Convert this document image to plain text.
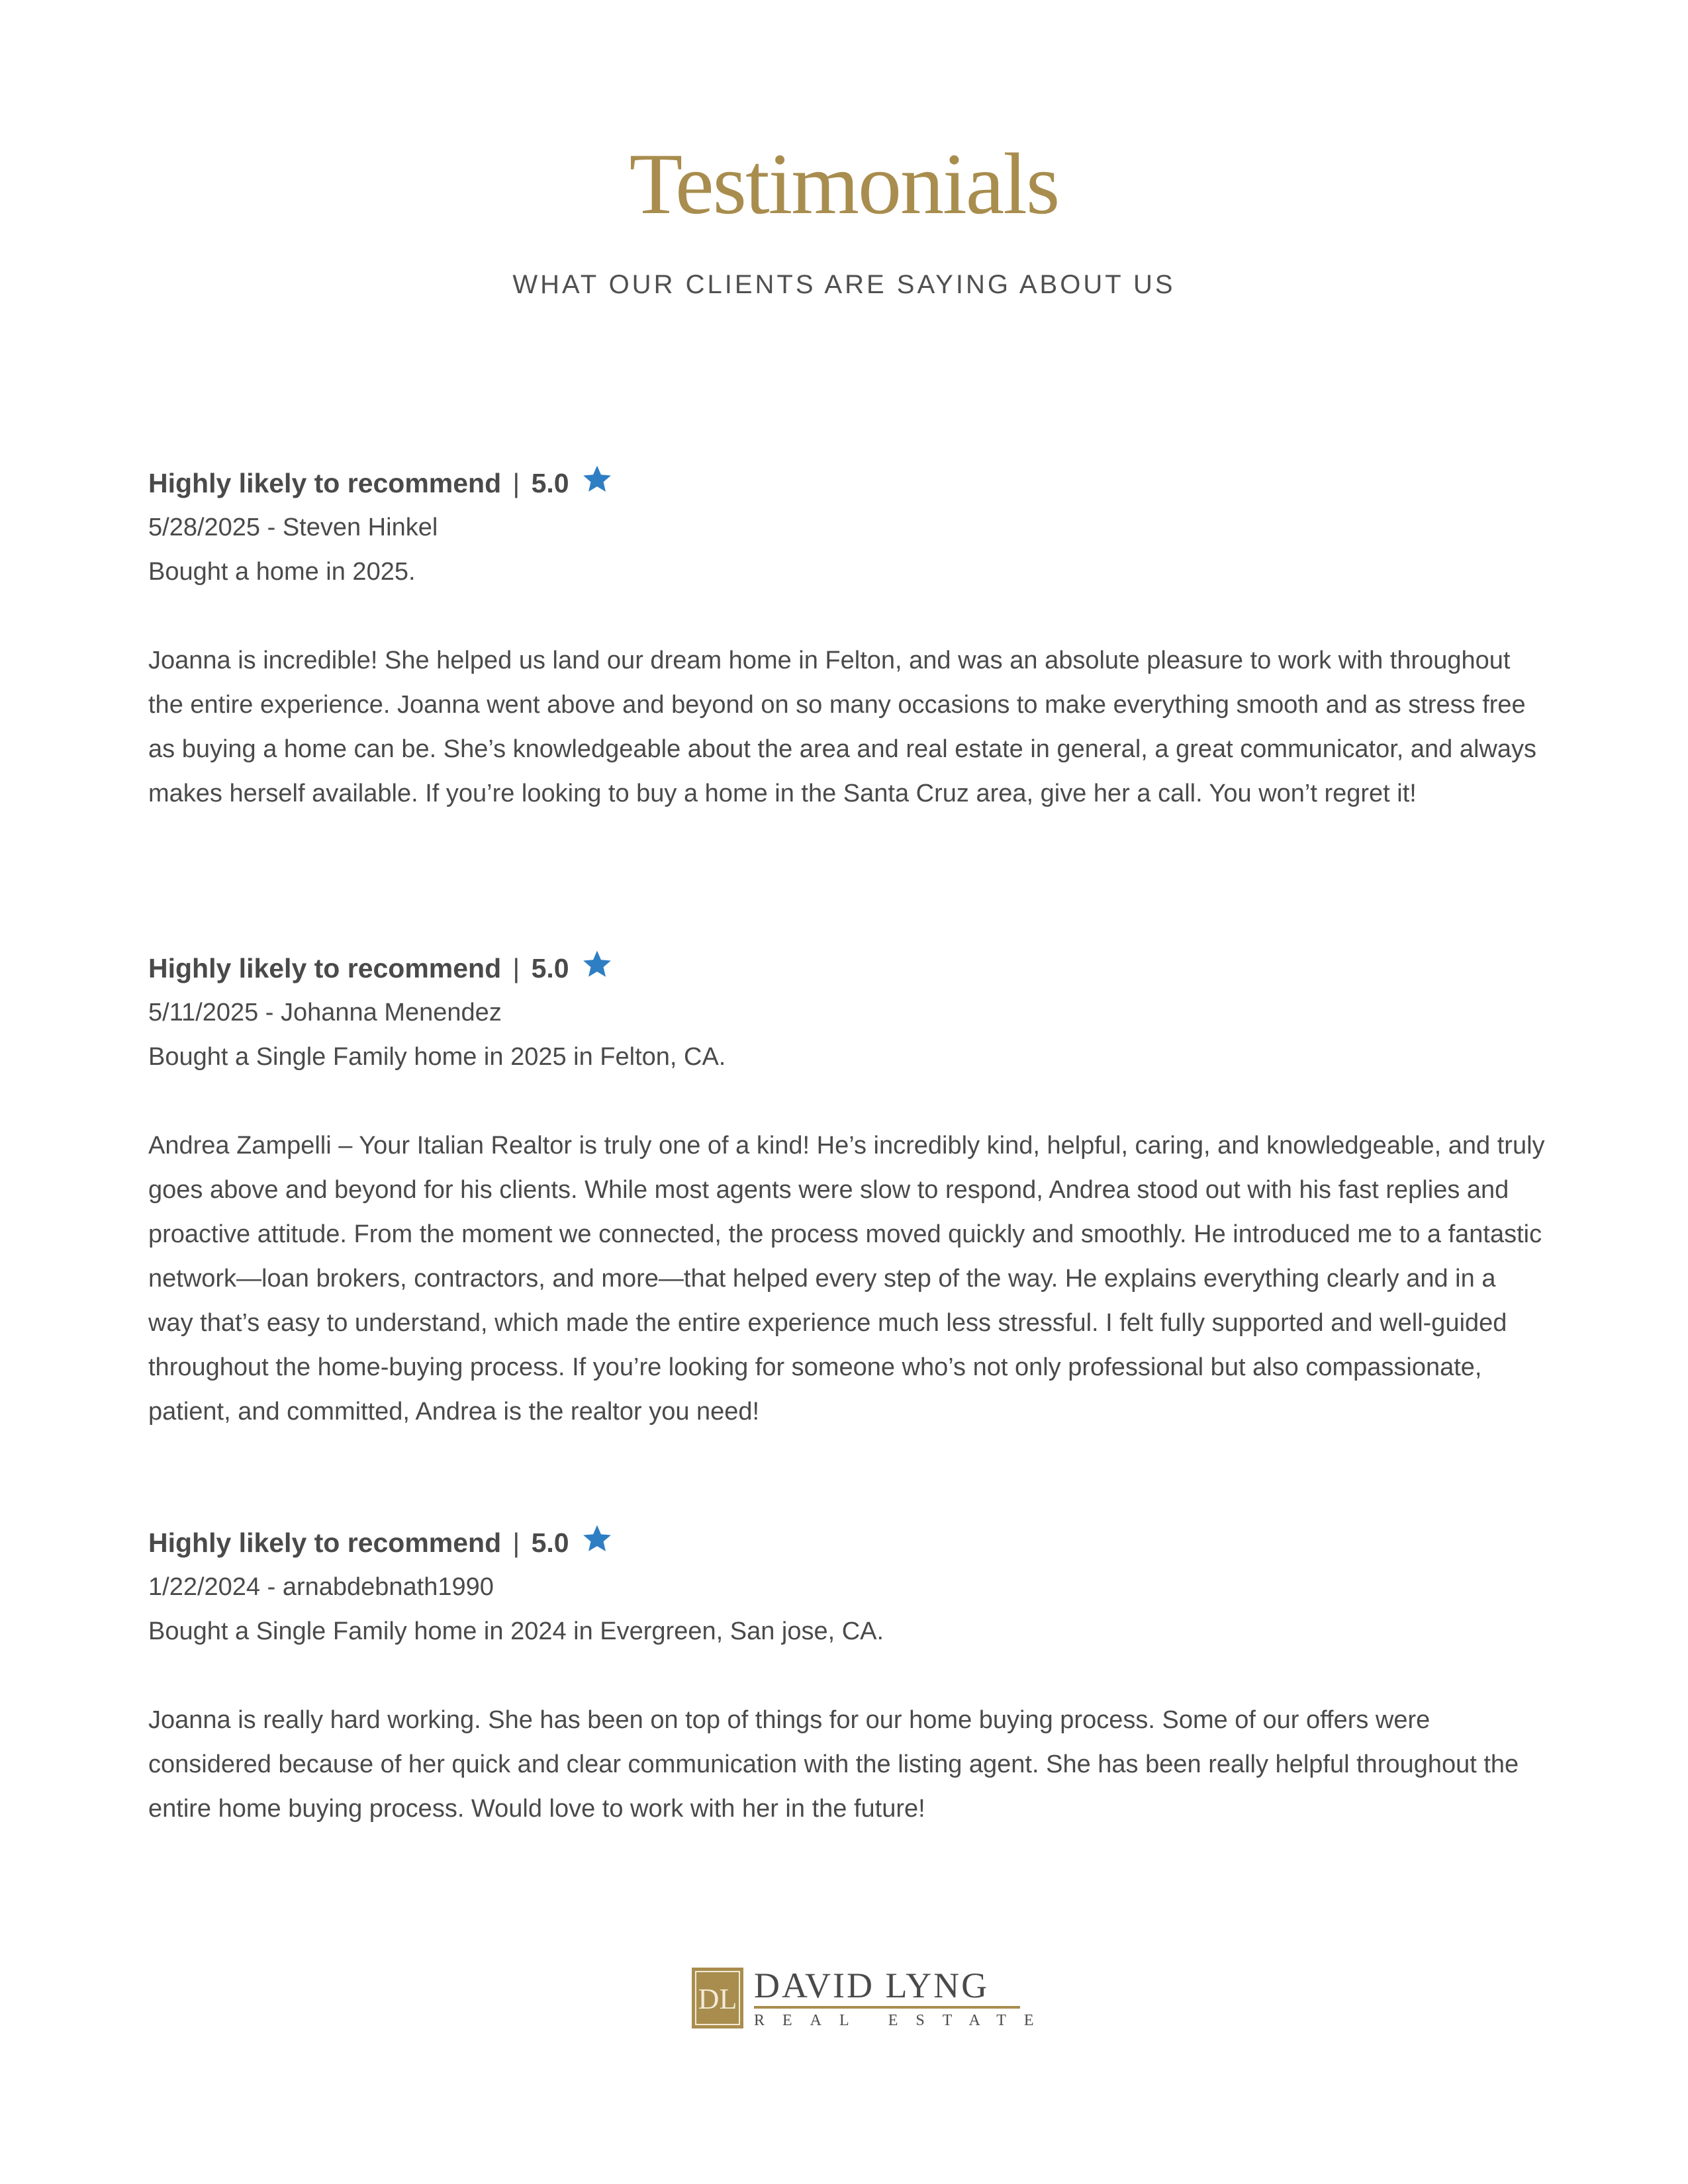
Testimonials
WHAT OUR CLIENTS ARE SAYING ABOUT US
Highly likely to recommend | 5.0
5/28/2025 - Steven Hinkel
Bought a home in 2025.
Joanna is incredible! She helped us land our dream home in Felton, and was an absolute pleasure to work with throughout the entire experience. Joanna went above and beyond on so many occasions to make everything smooth and as stress free as buying a home can be. She’s knowledgeable about the area and real estate in general, a great communicator, and always makes herself available. If you’re looking to buy a home in the Santa Cruz area, give her a call. You won’t regret it!
Highly likely to recommend | 5.0
5/11/2025 - Johanna Menendez
Bought a Single Family home in 2025 in Felton, CA.
Andrea Zampelli – Your Italian Realtor is truly one of a kind! He’s incredibly kind, helpful, caring, and knowledgeable, and truly goes above and beyond for his clients. While most agents were slow to respond, Andrea stood out with his fast replies and proactive attitude. From the moment we connected, the process moved quickly and smoothly. He introduced me to a fantastic network—loan brokers, contractors, and more—that helped every step of the way. He explains everything clearly and in a way that’s easy to understand, which made the entire experience much less stressful. I felt fully supported and well-guided throughout the home-buying process. If you’re looking for someone who’s not only professional but also compassionate, patient, and committed, Andrea is the realtor you need!
Highly likely to recommend | 5.0
1/22/2024 - arnabdebnath1990
Bought a Single Family home in 2024 in Evergreen, San jose, CA.
Joanna is really hard working. She has been on top of things for our home buying process. Some of our offers were considered because of her quick and clear communication with the listing agent. She has been really helpful throughout the entire home buying process. Would love to work with her in the future!
DL DAVID LYNG
REAL ESTATE
